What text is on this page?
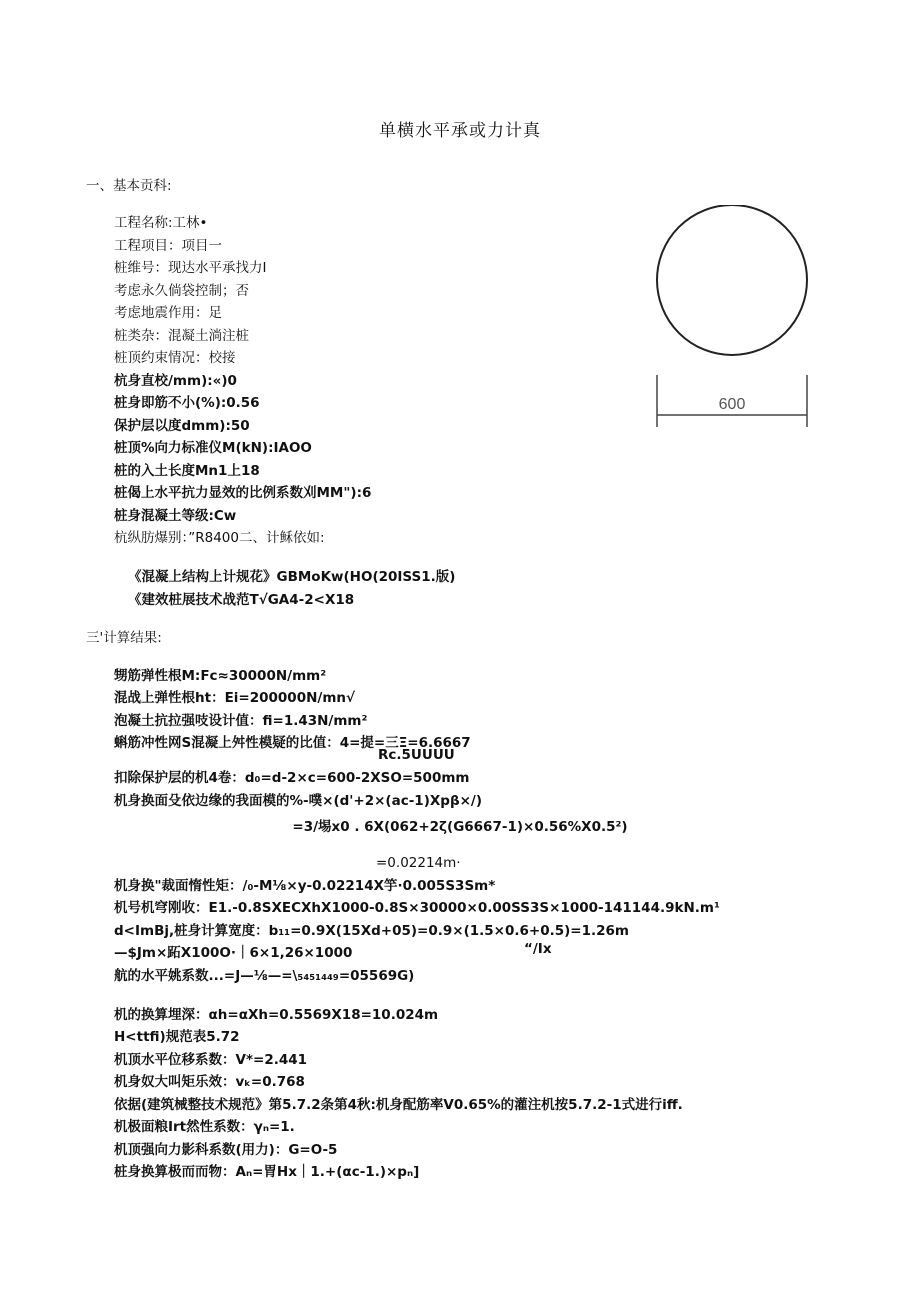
单横水平承或力计真
一、基本贡科:
工程名称:工林•
工程项目：项目一
桩维号：现达水平承找力I
考虑永久倘袋控制；否
考虑地震作用：足
桩类杂：混凝土淌注桩
桩顶约束情况：校接
杭身直校/mm):«)0
桩身即筋不小(%):0.56
保护层以度dmm):50
桩顶%向力标准仪M(kN):IAOO
桩的入土长度Mn1上18
桩偈上水平抗力显效的比例系数刈MM"):6
桩身混凝土等级:Cw
杭纵肪爆别：”R8400二、计稣依如:
《混凝上结构上计规花》GBMoKw(HO(20ISS1.版)
《建效桩展技术战范T√GA4-2<X18
三'计算结果:
甥筋弹性根M:Fc≈30000N/mm²
混战上弹性根ht：Ei=200000N/mn√
泡凝土抗拉强吱设计值：fi=1.43N/mm²
蝌筋冲性网S混凝上舛性模疑的比值：4=提=三Ξ=6.6667
Rc.5UUUU
扣除保护层的机4卷：d₀=d-2×c=600-2XSO=500mm
机身换面殳依边缘的我面模的%-噗×(d'+2×(ac-1)Xpβ×/)
=3/埸x0 . 6X(062+2ζ(G6667-1)×0.56%X0.5²)
=0.02214m·
机身换"裁面惰性矩：/₀-M⅛×y-0.02214X竽·0.005S3Sm*
机号机穹刚收：E1.-0.8SXECXhX1000-0.8S×30000×0.00SS3S×1000-141144.9kN.m¹
d<ImBj,桩身计算宽度：b₁₁=0.9X(15Xd+05)=0.9×(1.5×0.6+0.5)=1.26m
—$Jm×跖X100O·｜6×1,26×1000	“/Ix
航的水平姚系数...=J—⅛—=\₅₄₅₁₄₄₉=05569G)
机的换算埋深：αh=αXh=0.5569X18=10.024m
H<ttfi)规范表5.72
机顶水平位移系数：V*=2.441
机身奴大叫矩乐效：vₖ=0.768
依据(建筑械整技术规范》第5.7.2条第4秋:机身配筋率V0.65%的灌注机按5.7.2-1式进行iff.
机极面粮Irt然性系数：γₙ=1.
机顶强向力影科系数(用力)：G=O-5
桩身换算极而而物：Aₙ=胃Hx｜1.+(αc-1.)×pₙ]
600
